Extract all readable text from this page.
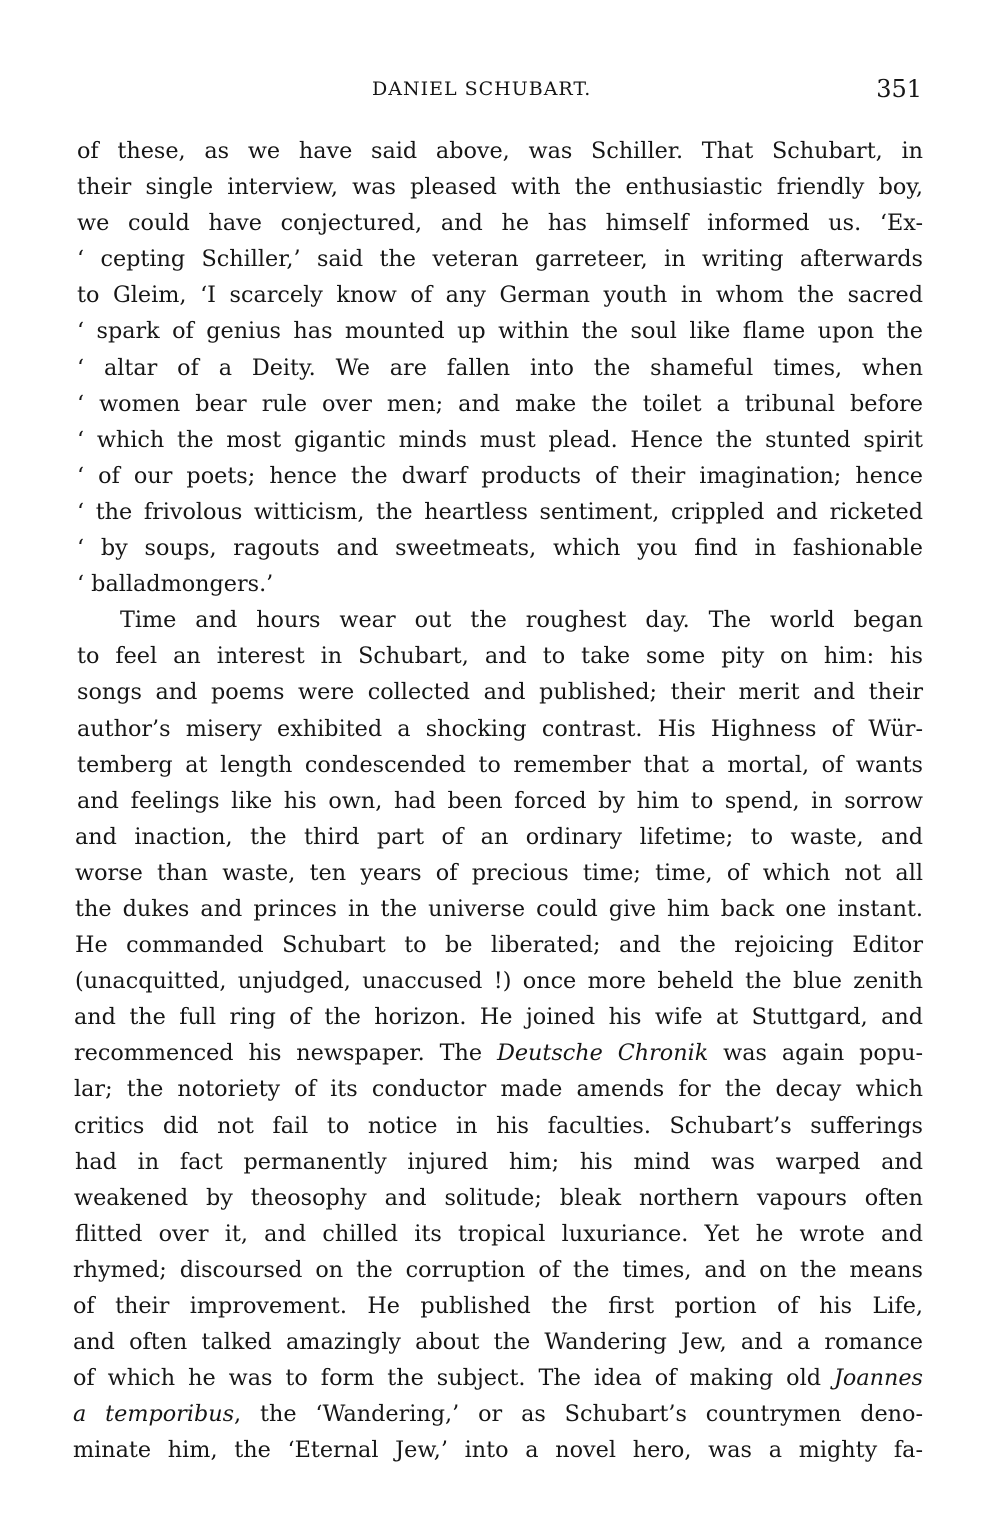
DANIEL SCHUBART.	351
of these, as we have said above, was Schiller. That Schubart, in
their single interview, was pleased with the enthusiastic friendly boy,
we could have conjectured, and he has himself informed us. ‘Ex-
‘ cepting Schiller,’ said the veteran garreteer, in writing afterwards
to Gleim, ‘I scarcely know of any German youth in whom the sacred
‘ spark of genius has mounted up within the soul like flame upon the
‘ altar of a Deity. We are fallen into the shameful times, when
‘ women bear rule over men; and make the toilet a tribunal before
‘ which the most gigantic minds must plead. Hence the stunted spirit
‘ of our poets; hence the dwarf products of their imagination; hence
‘ the frivolous witticism, the heartless sentiment, crippled and ricketed
‘ by soups, ragouts and sweetmeats, which you find in fashionable
‘ balladmongers.’
Time and hours wear out the roughest day. The world began
to feel an interest in Schubart, and to take some pity on him: his
songs and poems were collected and published; their merit and their
author’s misery exhibited a shocking contrast. His Highness of Wür-
temberg at length condescended to remember that a mortal, of wants
and feelings like his own, had been forced by him to spend, in sorrow
and inaction, the third part of an ordinary lifetime; to waste, and
worse than waste, ten years of precious time; time, of which not all
the dukes and princes in the universe could give him back one instant.
He commanded Schubart to be liberated; and the rejoicing Editor
(unacquitted, unjudged, unaccused !) once more beheld the blue zenith
and the full ring of the horizon. He joined his wife at Stuttgard, and
recommenced his newspaper. The Deutsche Chronik was again popu-
lar; the notoriety of its conductor made amends for the decay which
critics did not fail to notice in his faculties. Schubart’s sufferings
had in fact permanently injured him; his mind was warped and
weakened by theosophy and solitude; bleak northern vapours often
flitted over it, and chilled its tropical luxuriance. Yet he wrote and
rhymed; discoursed on the corruption of the times, and on the means
of their improvement. He published the first portion of his Life,
and often talked amazingly about the Wandering Jew, and a romance
of which he was to form the subject. The idea of making old Joannes
a temporibus, the ‘Wandering,’ or as Schubart’s countrymen deno-
minate him, the ‘Eternal Jew,’ into a novel hero, was a mighty fa-
